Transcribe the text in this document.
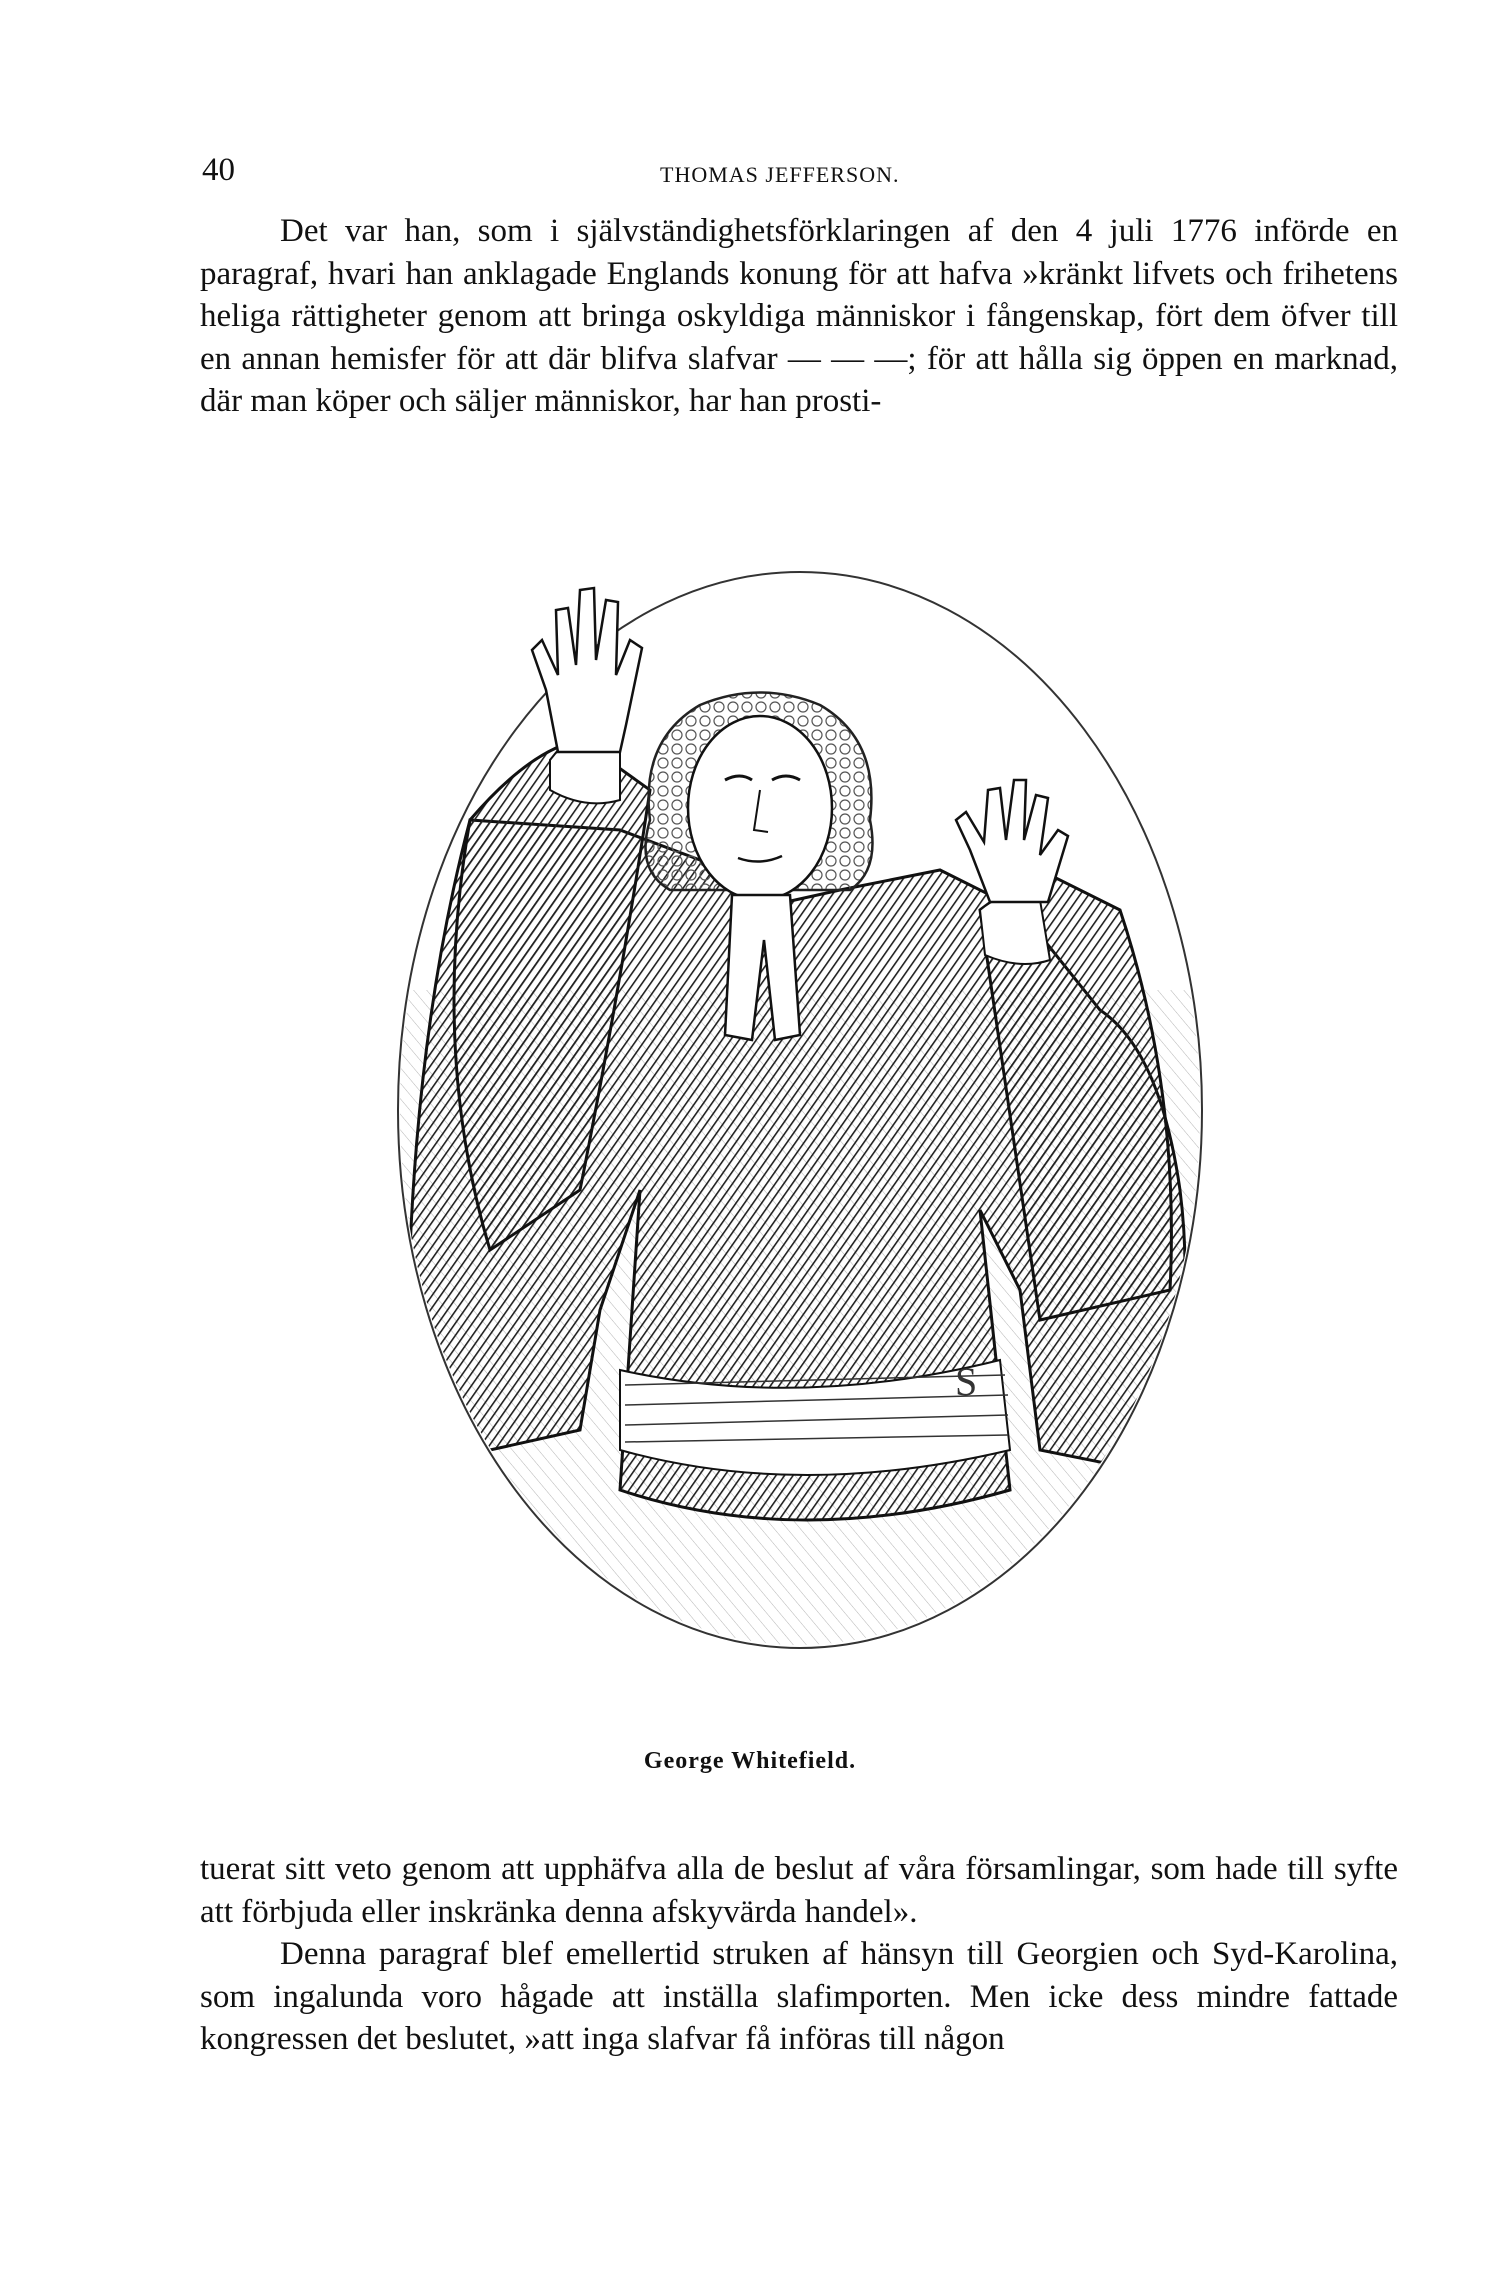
40	THOMAS JEFFERSON.

Det var han, som i självständighetsförklaringen af den 4 juli 1776 införde en paragraf, hvari han anklagade Englands konung för att hafva »kränkt lifvets och frihetens heliga rättigheter genom att bringa oskyldiga människor i fångenskap, fört dem öfver till en annan hemisfer för att där blifva slafvar — — —; för att hålla sig öppen en marknad, där man köper och säljer människor, har han prosti-

S
George Whitefield.

tuerat sitt veto genom att upphäfva alla de beslut af våra församlingar, som hade till syfte att förbjuda eller inskränka denna afskyvärda handel».

Denna paragraf blef emellertid struken af hänsyn till Georgien och Syd-Karolina, som ingalunda voro hågade att inställa slafimporten. Men icke dess mindre fattade kongressen det beslutet, »att inga slafvar få införas till någon
